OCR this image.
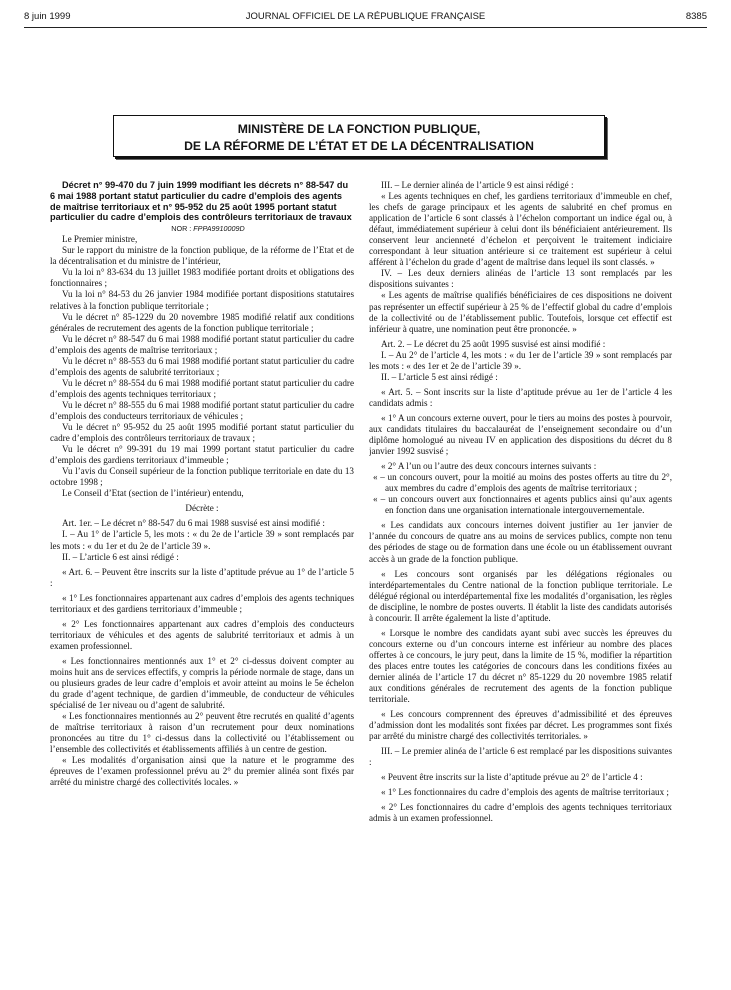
8 juin 1999	JOURNAL OFFICIEL DE LA RÉPUBLIQUE FRANÇAISE	8385
MINISTÈRE DE LA FONCTION PUBLIQUE,
DE LA RÉFORME DE L’ÉTAT ET DE LA DÉCENTRALISATION

Décret n° 99-470 du 7 juin 1999 modifiant les décrets n° 88-547 du 6 mai 1988 portant statut particulier du cadre d’emplois des agents de maîtrise territoriaux et n° 95-952 du 25 août 1995 portant statut particulier du cadre d’emplois des contrôleurs territoriaux de travaux

NOR : FPPA9910009D

Le Premier ministre,

Sur le rapport du ministre de la fonction publique, de la réforme de l’Etat et de la décentralisation et du ministre de l’intérieur,

Vu la loi n° 83-634 du 13 juillet 1983 modifiée portant droits et obligations des fonctionnaires ;

Vu la loi n° 84-53 du 26 janvier 1984 modifiée portant dispositions statutaires relatives à la fonction publique territoriale ;

Vu le décret n° 85-1229 du 20 novembre 1985 modifié relatif aux conditions générales de recrutement des agents de la fonction publique territoriale ;

Vu le décret n° 88-547 du 6 mai 1988 modifié portant statut particulier du cadre d’emplois des agents de maîtrise territoriaux ;

Vu le décret n° 88-553 du 6 mai 1988 modifié portant statut particulier du cadre d’emplois des agents de salubrité territoriaux ;

Vu le décret n° 88-554 du 6 mai 1988 modifié portant statut particulier du cadre d’emplois des agents techniques territoriaux ;

Vu le décret n° 88-555 du 6 mai 1988 modifié portant statut particulier du cadre d’emplois des conducteurs territoriaux de véhicules ;

Vu le décret n° 95-952 du 25 août 1995 modifié portant statut particulier du cadre d’emplois des contrôleurs territoriaux de travaux ;

Vu le décret n° 99-391 du 19 mai 1999 portant statut particulier du cadre d’emplois des gardiens territoriaux d’immeuble ;

Vu l’avis du Conseil supérieur de la fonction publique territoriale en date du 13 octobre 1998 ;

Le Conseil d’Etat (section de l’intérieur) entendu,

Décrète :

Art. 1er. – Le décret n° 88-547 du 6 mai 1988 susvisé est ainsi modifié :

I. – Au 1° de l’article 5, les mots : « du 2e de l’article 39 » sont remplacés par les mots : « du 1er et du 2e de l’article 39 ».

II. – L’article 6 est ainsi rédigé :

« Art. 6. – Peuvent être inscrits sur la liste d’aptitude prévue au 1° de l’article 5 :

« 1° Les fonctionnaires appartenant aux cadres d’emplois des agents techniques territoriaux et des gardiens territoriaux d’immeuble ;

« 2° Les fonctionnaires appartenant aux cadres d’emplois des conducteurs territoriaux de véhicules et des agents de salubrité territoriaux et admis à un examen professionnel.

« Les fonctionnaires mentionnés aux 1° et 2° ci-dessus doivent compter au moins huit ans de services effectifs, y compris la période normale de stage, dans un ou plusieurs grades de leur cadre d’emplois et avoir atteint au moins le 5e échelon du grade d’agent technique, de gardien d’immeuble, de conducteur de véhicules spécialisé de 1er niveau ou d’agent de salubrité.

« Les fonctionnaires mentionnés au 2° peuvent être recrutés en qualité d’agents de maîtrise territoriaux à raison d’un recrutement pour deux nominations prononcées au titre du 1° ci-dessus dans la collectivité ou l’établissement ou l’ensemble des collectivités et établissements affiliés à un centre de gestion.

« Les modalités d’organisation ainsi que la nature et le programme des épreuves de l’examen professionnel prévu au 2° du premier alinéa sont fixés par arrêté du ministre chargé des collectivités locales. »

III. – Le dernier alinéa de l’article 9 est ainsi rédigé :

« Les agents techniques en chef, les gardiens territoriaux d’immeuble en chef, les chefs de garage principaux et les agents de salubrité en chef promus en application de l’article 6 sont classés à l’échelon comportant un indice égal ou, à défaut, immédiatement supérieur à celui dont ils bénéficiaient antérieurement. Ils conservent leur ancienneté d’échelon et perçoivent le traitement indiciaire correspondant à leur situation antérieure si ce traitement est supérieur à celui afférent à l’échelon du grade d’agent de maîtrise dans lequel ils sont classés. »

IV. – Les deux derniers alinéas de l’article 13 sont remplacés par les dispositions suivantes :

« Les agents de maîtrise qualifiés bénéficiaires de ces dispositions ne doivent pas représenter un effectif supérieur à 25 % de l’effectif global du cadre d’emplois de la collectivité ou de l’établissement public. Toutefois, lorsque cet effectif est inférieur à quatre, une nomination peut être prononcée. »

Art. 2. – Le décret du 25 août 1995 susvisé est ainsi modifié :

I. – Au 2° de l’article 4, les mots : « du 1er de l’article 39 » sont remplacés par les mots : « des 1er et 2e de l’article 39 ».

II. – L’article 5 est ainsi rédigé :

« Art. 5. – Sont inscrits sur la liste d’aptitude prévue au 1er de l’article 4 les candidats admis :

« 1° A un concours externe ouvert, pour le tiers au moins des postes à pourvoir, aux candidats titulaires du baccalauréat de l’enseignement secondaire ou d’un diplôme homologué au niveau IV en application des dispositions du décret du 8 janvier 1992 susvisé ;

« 2° A l’un ou l’autre des deux concours internes suivants :

« – un concours ouvert, pour la moitié au moins des postes offerts au titre du 2°, aux membres du cadre d’emplois des agents de maîtrise territoriaux ;

« – un concours ouvert aux fonctionnaires et agents publics ainsi qu’aux agents en fonction dans une organisation internationale intergouvernementale.

« Les candidats aux concours internes doivent justifier au 1er janvier de l’année du concours de quatre ans au moins de services publics, compte non tenu des périodes de stage ou de formation dans une école ou un établissement ouvrant accès à un grade de la fonction publique.

« Les concours sont organisés par les délégations régionales ou interdépartementales du Centre national de la fonction publique territoriale. Le délégué régional ou interdépartemental fixe les modalités d’organisation, les règles de discipline, le nombre de postes ouverts. Il établit la liste des candidats autorisés à concourir. Il arrête également la liste d’aptitude.

« Lorsque le nombre des candidats ayant subi avec succès les épreuves du concours externe ou d’un concours interne est inférieur au nombre des places offertes à ce concours, le jury peut, dans la limite de 15 %, modifier la répartition des places entre toutes les catégories de concours dans les conditions fixées au dernier alinéa de l’article 17 du décret n° 85-1229 du 20 novembre 1985 relatif aux conditions générales de recrutement des agents de la fonction publique territoriale.

« Les concours comprennent des épreuves d’admissibilité et des épreuves d’admission dont les modalités sont fixées par décret. Les programmes sont fixés par arrêté du ministre chargé des collectivités territoriales. »

III. – Le premier alinéa de l’article 6 est remplacé par les dispositions suivantes :

« Peuvent être inscrits sur la liste d’aptitude prévue au 2° de l’article 4 :

« 1° Les fonctionnaires du cadre d’emplois des agents de maîtrise territoriaux ;

« 2° Les fonctionnaires du cadre d’emplois des agents techniques territoriaux admis à un examen professionnel.
